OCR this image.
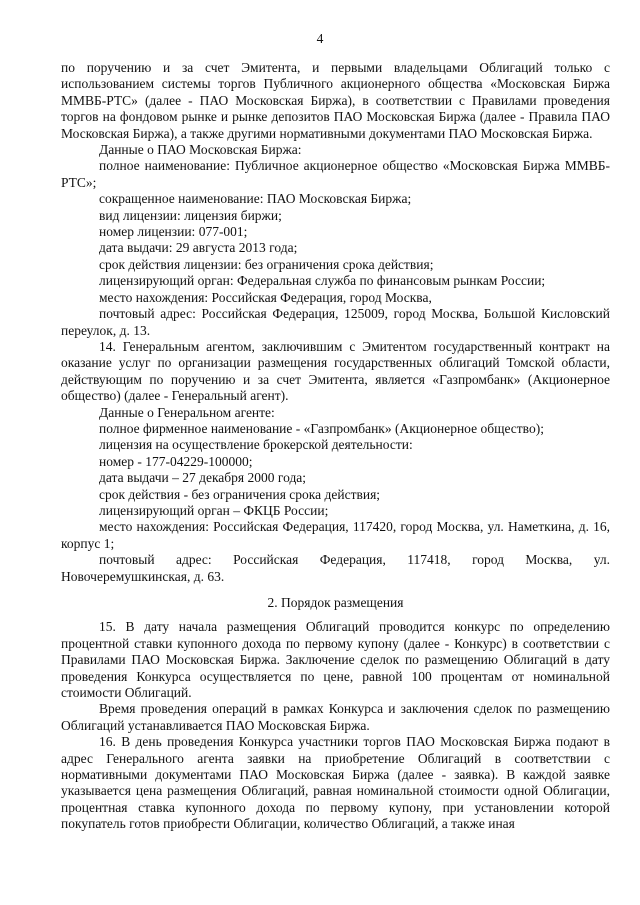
4

по поручению и за счет Эмитента, и первыми владельцами Облигаций только с использованием системы торгов Публичного акционерного общества «Московская Биржа ММВБ-РТС» (далее - ПАО Московская Биржа), в соответствии с Правилами проведения торгов на фондовом рынке и рынке депозитов ПАО Московская Биржа (далее - Правила ПАО Московская Биржа), а также другими нормативными документами ПАО Московская Биржа.

Данные о ПАО Московская Биржа:

полное наименование: Публичное акционерное общество «Московская Биржа ММВБ-РТС»;

сокращенное наименование: ПАО Московская Биржа;

вид лицензии: лицензия биржи;

номер лицензии: 077-001;

дата выдачи: 29 августа 2013 года;

срок действия лицензии: без ограничения срока действия;

лицензирующий орган: Федеральная служба по финансовым рынкам России;

место нахождения: Российская Федерация, город Москва,

почтовый адрес: Российская Федерация, 125009, город Москва, Большой Кисловский переулок, д. 13.

14. Генеральным агентом, заключившим с Эмитентом государственный контракт на оказание услуг по организации размещения государственных облигаций Томской области, действующим по поручению и за счет Эмитента, является «Газпромбанк» (Акционерное общество) (далее - Генеральный агент).

Данные о Генеральном агенте:

полное фирменное наименование - «Газпромбанк» (Акционерное общество);

лицензия на осуществление брокерской деятельности:

номер - 177-04229-100000;

дата выдачи – 27 декабря 2000 года;

срок действия - без ограничения срока действия;

лицензирующий орган – ФКЦБ России;

место нахождения: Российская Федерация, 117420, город Москва, ул. Наметкина, д. 16, корпус 1;

почтовый адрес: Российская Федерация, 117418, город Москва, ул. Новочеремушкинская, д. 63.

2. Порядок размещения

15. В дату начала размещения Облигаций проводится конкурс по определению процентной ставки купонного дохода по первому купону (далее - Конкурс) в соответствии с Правилами ПАО Московская Биржа. Заключение сделок по размещению Облигаций в дату проведения Конкурса осуществляется по цене, равной 100 процентам от номинальной стоимости Облигаций.

Время проведения операций в рамках Конкурса и заключения сделок по размещению Облигаций устанавливается ПАО Московская Биржа.

16. В день проведения Конкурса участники торгов ПАО Московская Биржа подают в адрес Генерального агента заявки на приобретение Облигаций в соответствии с нормативными документами ПАО Московская Биржа (далее - заявка). В каждой заявке указывается цена размещения Облигаций, равная номинальной стоимости одной Облигации, процентная ставка купонного дохода по первому купону, при установлении которой покупатель готов приобрести Облигации, количество Облигаций, а также иная
